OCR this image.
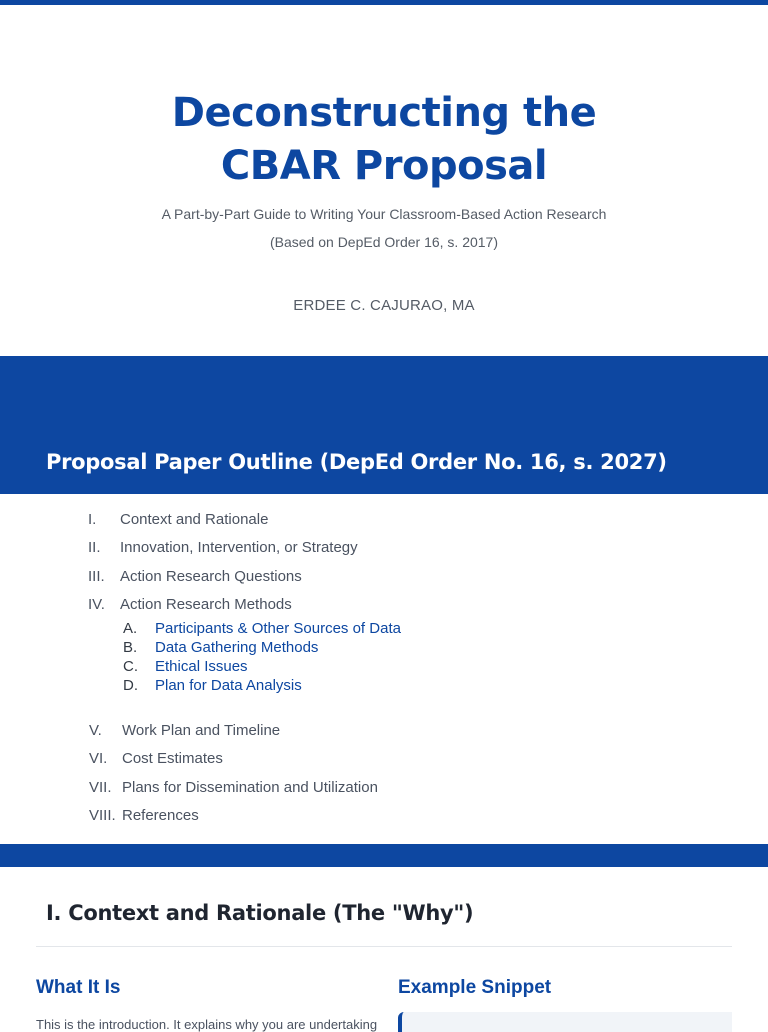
Deconstructing the
CBAR Proposal
A Part-by-Part Guide to Writing Your Classroom-Based Action Research
(Based on DepEd Order 16, s. 2017)
ERDEE C. CAJURAO, MA
Proposal Paper Outline (DepEd Order No. 16, s. 2027)
I. Context and Rationale
II. Innovation, Intervention, or Strategy
III. Action Research Questions
IV. Action Research Methods
A. Participants & Other Sources of Data
B. Data Gathering Methods
C. Ethical Issues
D. Plan for Data Analysis
V. Work Plan and Timeline
VI. Cost Estimates
VII. Plans for Dissemination and Utilization
VIII. References
I. Context and Rationale (The "Why")
What It Is	Example Snippet
This is the introduction. It explains why you are undertaking
